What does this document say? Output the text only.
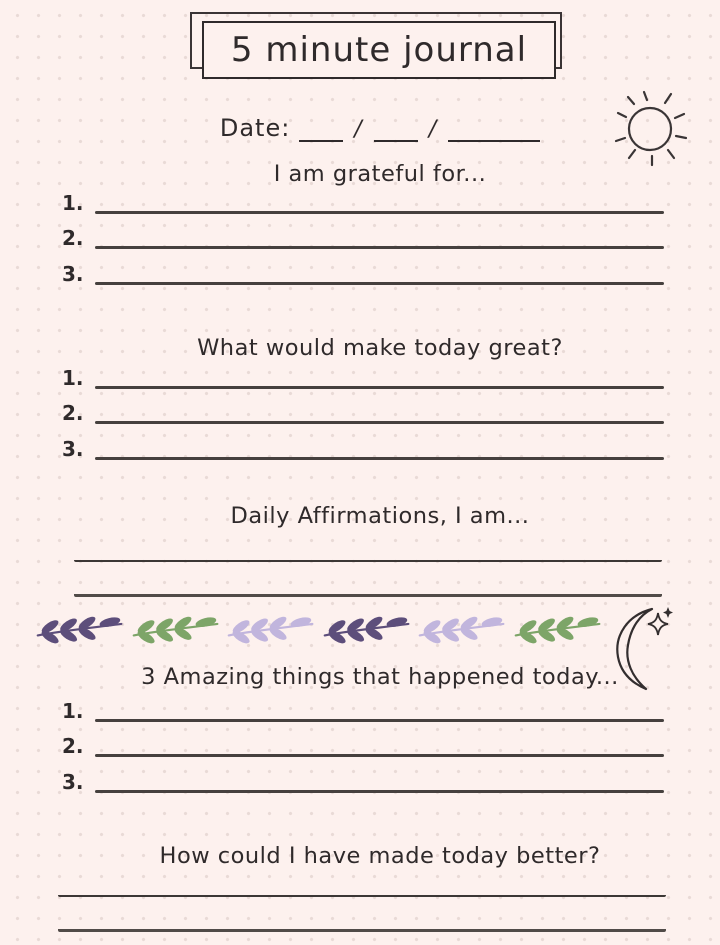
5 minute journal
Date:	/	/
I am grateful for...
1.
2.
3.
What would make today great?
1.
2.
3.
Daily Affirmations, I am...
3 Amazing things that happened today...
1.
2.
3.
How could I have made today better?
